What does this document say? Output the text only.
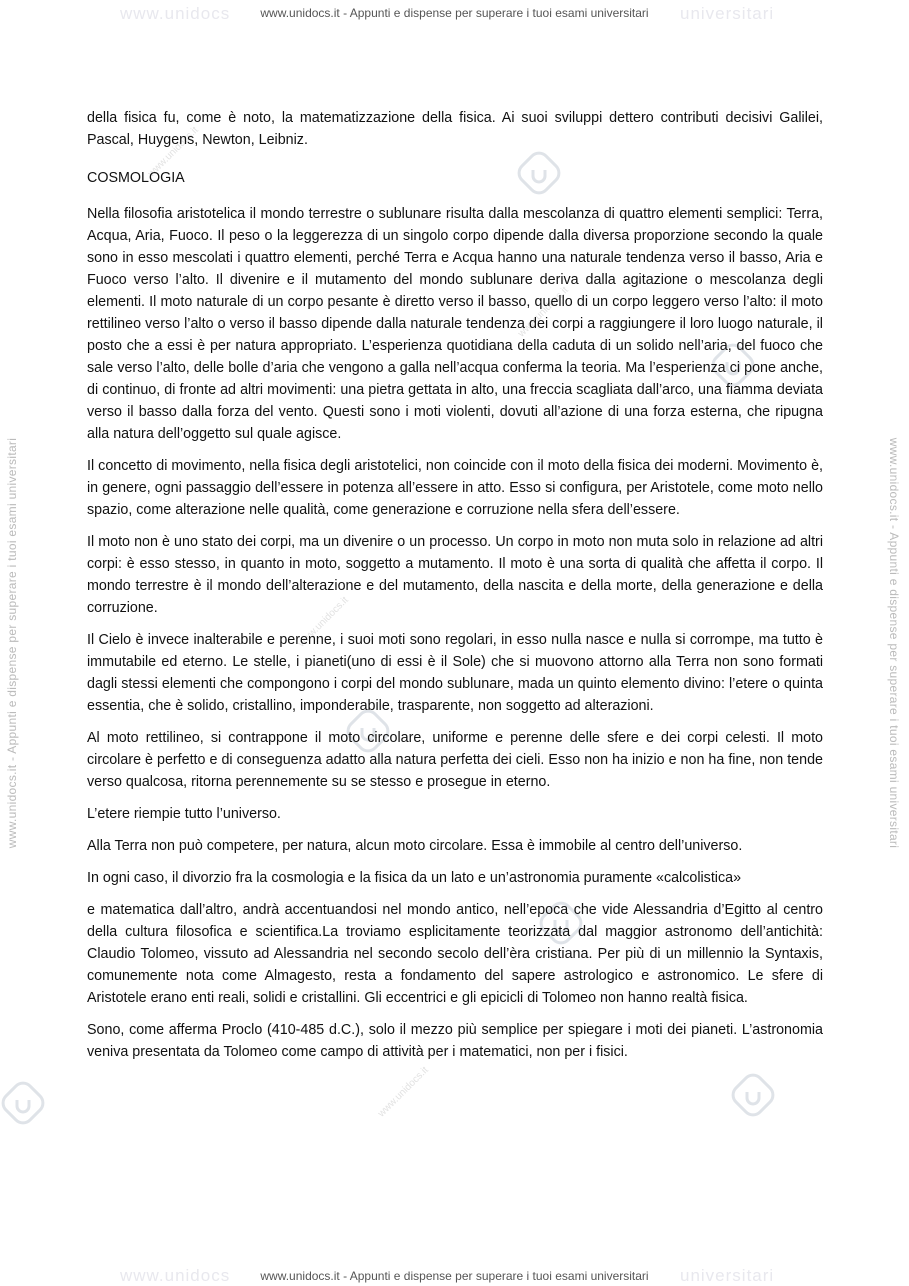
www.unidocs	universitari
www.unidocs.it - Appunti e dispense per superare i tuoi esami universitari
www.unidocs.it - Appunti e dispense per superare i tuoi esami universitari	www.unidocs.it - Appunti e dispense per superare i tuoi esami universitari
www.unidocs.it
www.unidocs.it
www.unidocs.it
www.unidocs.it

della fisica fu, come è noto, la matematizzazione della fisica. Ai suoi sviluppi dettero contributi decisivi Galilei, Pascal, Huygens, Newton, Leibniz.

COSMOLOGIA

Nella filosofia aristotelica il mondo terrestre o sublunare risulta dalla mescolanza di quattro elementi semplici: Terra, Acqua, Aria, Fuoco. Il peso o la leggerezza di un singolo corpo dipende dalla diversa proporzione secondo la quale sono in esso mescolati i quattro elementi, perché Terra e Acqua hanno una naturale tendenza verso il basso, Aria e Fuoco verso l’alto. Il divenire e il mutamento del mondo sublunare deriva dalla agitazione o mescolanza degli elementi. Il moto naturale di un corpo pesante è diretto verso il basso, quello di un corpo leggero verso l’alto: il moto rettilineo verso l’alto o verso il basso dipende dalla naturale tendenza dei corpi a raggiungere il loro luogo naturale, il posto che a essi è per natura appropriato. L’esperienza quotidiana della caduta di un solido nell’aria, del fuoco che sale verso l’alto, delle bolle d’aria che vengono a galla nell’acqua conferma la teoria. Ma l’esperienza ci pone anche, di continuo, di fronte ad altri movimenti: una pietra gettata in alto, una freccia scagliata dall’arco, una fiamma deviata verso il basso dalla forza del vento. Questi sono i moti violenti, dovuti all’azione di una forza esterna, che ripugna alla natura dell’oggetto sul quale agisce.

Il concetto di movimento, nella fisica degli aristotelici, non coincide con il moto della fisica dei moderni. Movimento è, in genere, ogni passaggio dell’essere in potenza all’essere in atto. Esso si configura, per Aristotele, come moto nello spazio, come alterazione nelle qualità, come generazione e corruzione nella sfera dell’essere.

Il moto non è uno stato dei corpi, ma un divenire o un processo. Un corpo in moto non muta solo in relazione ad altri corpi: è esso stesso, in quanto in moto, soggetto a mutamento. Il moto è una sorta di qualità che affetta il corpo. Il mondo terrestre è il mondo dell’alterazione e del mutamento, della nascita e della morte, della generazione e della corruzione.

Il Cielo è invece inalterabile e perenne, i suoi moti sono regolari, in esso nulla nasce e nulla si corrompe, ma tutto è immutabile ed eterno. Le stelle, i pianeti(uno di essi è il Sole) che si muovono attorno alla Terra non sono formati dagli stessi elementi che compongono i corpi del mondo sublunare, mada un quinto elemento divino: l’etere o quinta essentia, che è solido, cristallino, imponderabile, trasparente, non soggetto ad alterazioni.

Al moto rettilineo, si contrappone il moto circolare, uniforme e perenne delle sfere e dei corpi celesti. Il moto circolare è perfetto e di conseguenza adatto alla natura perfetta dei cieli. Esso non ha inizio e non ha fine, non tende verso qualcosa, ritorna perennemente su se stesso e prosegue in eterno.

L’etere riempie tutto l’universo.

Alla Terra non può competere, per natura, alcun moto circolare. Essa è immobile al centro dell’universo.

In ogni caso, il divorzio fra la cosmologia e la fisica da un lato e un’astronomia puramente «calcolistica»

e matematica dall’altro, andrà accentuandosi nel mondo antico, nell’epoca che vide Alessandria d’Egitto al centro della cultura filosofica e scientifica.La troviamo esplicitamente teorizzata dal maggior astronomo dell’antichità: Claudio Tolomeo, vissuto ad Alessandria nel secondo secolo dell’èra cristiana. Per più di un millennio la Syntaxis, comunemente nota come Almagesto, resta a fondamento del sapere astrologico e astronomico. Le sfere di Aristotele erano enti reali, solidi e cristallini. Gli eccentrici e gli epicicli di Tolomeo non hanno realtà fisica.

Sono, come afferma Proclo (410-485 d.C.), solo il mezzo più semplice per spiegare i moti dei pianeti. L’astronomia veniva presentata da Tolomeo come campo di attività per i matematici, non per i fisici.

www.unidocs	universitari
www.unidocs.it - Appunti e dispense per superare i tuoi esami universitari
